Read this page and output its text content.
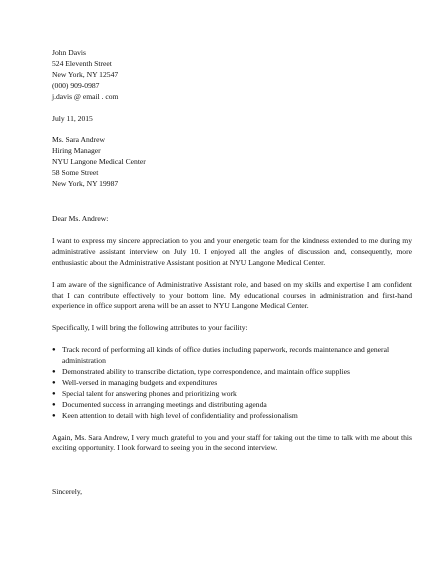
John Davis
524 Eleventh Street
New York, NY 12547
(000) 909-0987
j.davis @ email . com
July 11, 2015
Ms. Sara Andrew
Hiring Manager
NYU Langone Medical Center
58 Some Street
New York, NY 19987
Dear Ms. Andrew:

I want to express my sincere appreciation to you and your energetic team for the kindness extended to me during my administrative assistant interview on July 10. I enjoyed all the angles of discussion and, consequently, more enthusiastic about the Administrative Assistant position at NYU Langone Medical Center.

I am aware of the significance of Administrative Assistant role, and based on my skills and expertise I am confident that I can contribute effectively to your bottom line. My educational courses in administration and first-hand experience in office support arena will be an asset to NYU Langone Medical Center.

Specifically, I will bring the following attributes to your facility:

● Track record of performing all kinds of office duties including paperwork, records maintenance and general administration
● Demonstrated ability to transcribe dictation, type correspondence, and maintain office supplies
● Well-versed in managing budgets and expenditures
● Special talent for answering phones and prioritizing work
● Documented success in arranging meetings and distributing agenda
● Keen attention to detail with high level of confidentiality and professionalism

Again, Ms. Sara Andrew, I very much grateful to you and your staff for taking out the time to talk with me about this exciting opportunity. I look forward to seeing you in the second interview.

Sincerely,
